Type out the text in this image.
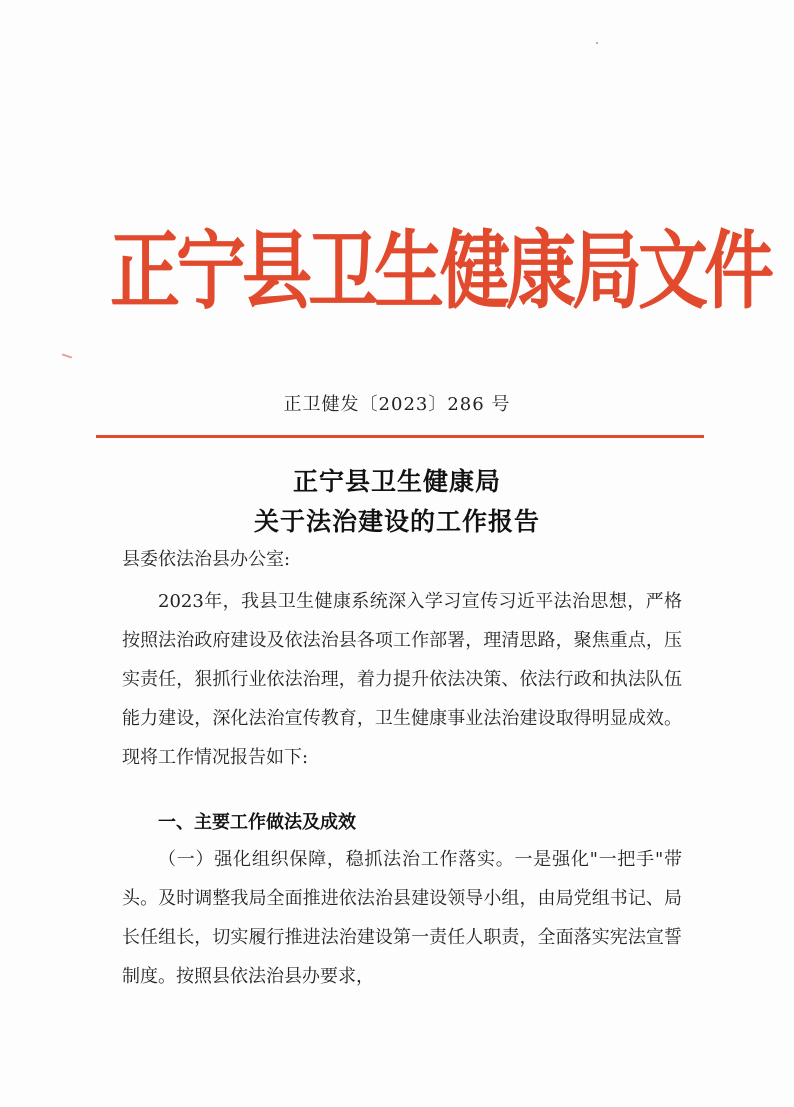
正宁县卫生健康局文件
正卫健发〔2023〕286 号
正宁县卫生健康局
关于法治建设的工作报告
县委依法治县办公室:

2023年，我县卫生健康系统深入学习宣传习近平法治思想，严格按照法治政府建设及依法治县各项工作部署，理清思路，聚焦重点，压实责任，狠抓行业依法治理，着力提升依法决策、依法行政和执法队伍能力建设，深化法治宣传教育，卫生健康事业法治建设取得明显成效。现将工作情况报告如下:

一、主要工作做法及成效

（一）强化组织保障，稳抓法治工作落实。一是强化"一把手"带头。及时调整我局全面推进依法治县建设领导小组，由局党组书记、局长任组长，切实履行推进法治建设第一责任人职责，全面落实宪法宣誓制度。按照县依法治县办要求，
